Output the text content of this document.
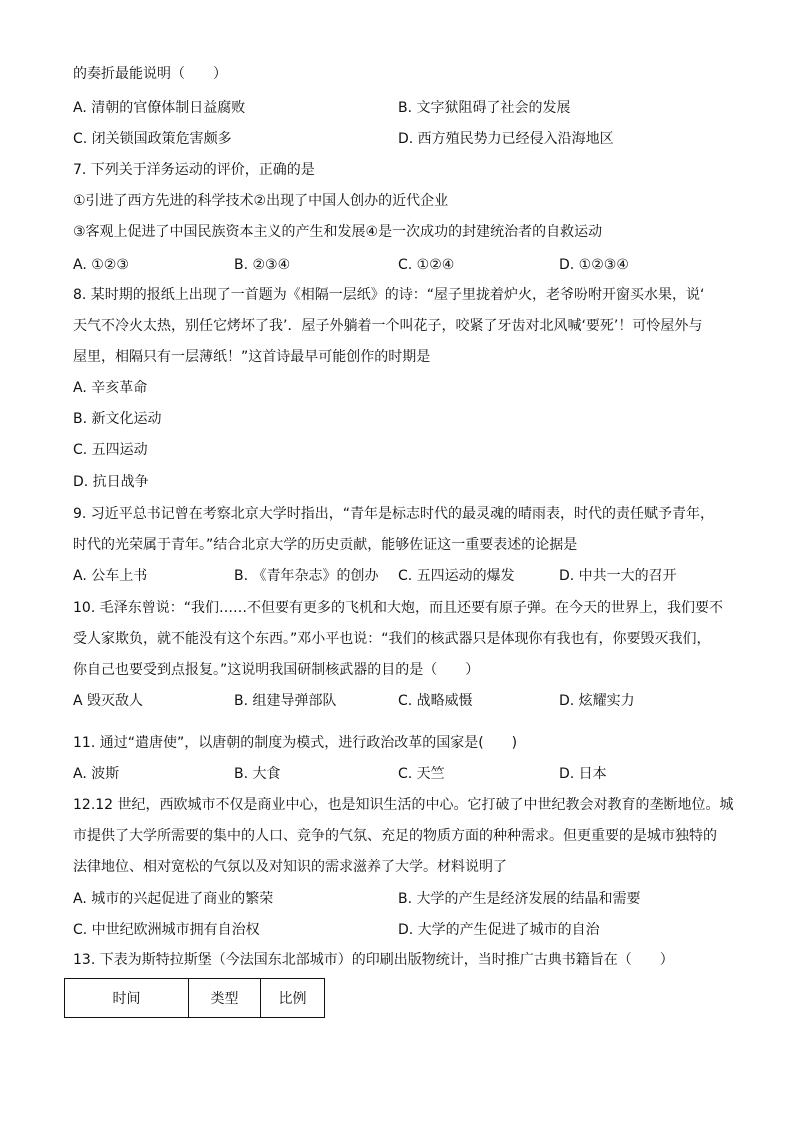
的奏折最能说明（　　）
A. 清朝的官僚体制日益腐败	B. 文字狱阻碍了社会的发展
C. 闭关锁国政策危害颇多	D. 西方殖民势力已经侵入沿海地区
7. 下列关于洋务运动的评价，正确的是
①引进了西方先进的科学技术②出现了中国人创办的近代企业
③客观上促进了中国民族资本主义的产生和发展④是一次成功的封建统治者的自救运动
A. ①②③	B. ②③④	C. ①②④	D. ①②③④
8. 某时期的报纸上出现了一首题为《相隔一层纸》的诗：“屋子里拢着炉火，老爷吩咐开窗买水果，说‘
天气不冷火太热，别任它烤坏了我’．屋子外躺着一个叫花子，咬紧了牙齿对北风喊‘要死’！可怜屋外与
屋里，相隔只有一层薄纸！”这首诗最早可能创作的时期是
A. 辛亥革命
B. 新文化运动
C. 五四运动
D. 抗日战争
9. 习近平总书记曾在考察北京大学时指出，“青年是标志时代的最灵魂的晴雨表，时代的责任赋予青年，
时代的光荣属于青年。”结合北京大学的历史贡献，能够佐证这一重要表述的论据是
A. 公车上书	B. 《青年杂志》的创办 C. 五四运动的爆发	D. 中共一大的召开
10. 毛泽东曾说：“我们……不但要有更多的飞机和大炮，而且还要有原子弹。在今天的世界上，我们要不
受人家欺负，就不能没有这个东西。”邓小平也说：“我们的核武器只是体现你有我也有，你要毁灭我们，
你自己也要受到点报复。”这说明我国研制核武器的目的是（　　）
A 毁灭敌人	B. 组建导弹部队	C. 战略威慑	D. 炫耀实力
11. 通过“遣唐使”，以唐朝的制度为模式，进行政治改革的国家是(　　)
A. 波斯	B. 大食	C. 天竺	D. 日本
12.12 世纪，西欧城市不仅是商业中心，也是知识生活的中心。它打破了中世纪教会对教育的垄断地位。城
市提供了大学所需要的集中的人口、竞争的气氛、充足的物质方面的种种需求。但更重要的是城市独特的
法律地位、相对宽松的气氛以及对知识的需求滋养了大学。材料说明了
A. 城市的兴起促进了商业的繁荣	B. 大学的产生是经济发展的结晶和需要
C. 中世纪欧洲城市拥有自治权	D. 大学的产生促进了城市的自治
13. 下表为斯特拉斯堡（今法国东北部城市）的印刷出版物统计，当时推广古典书籍旨在（　　）
时间	类型	比例
